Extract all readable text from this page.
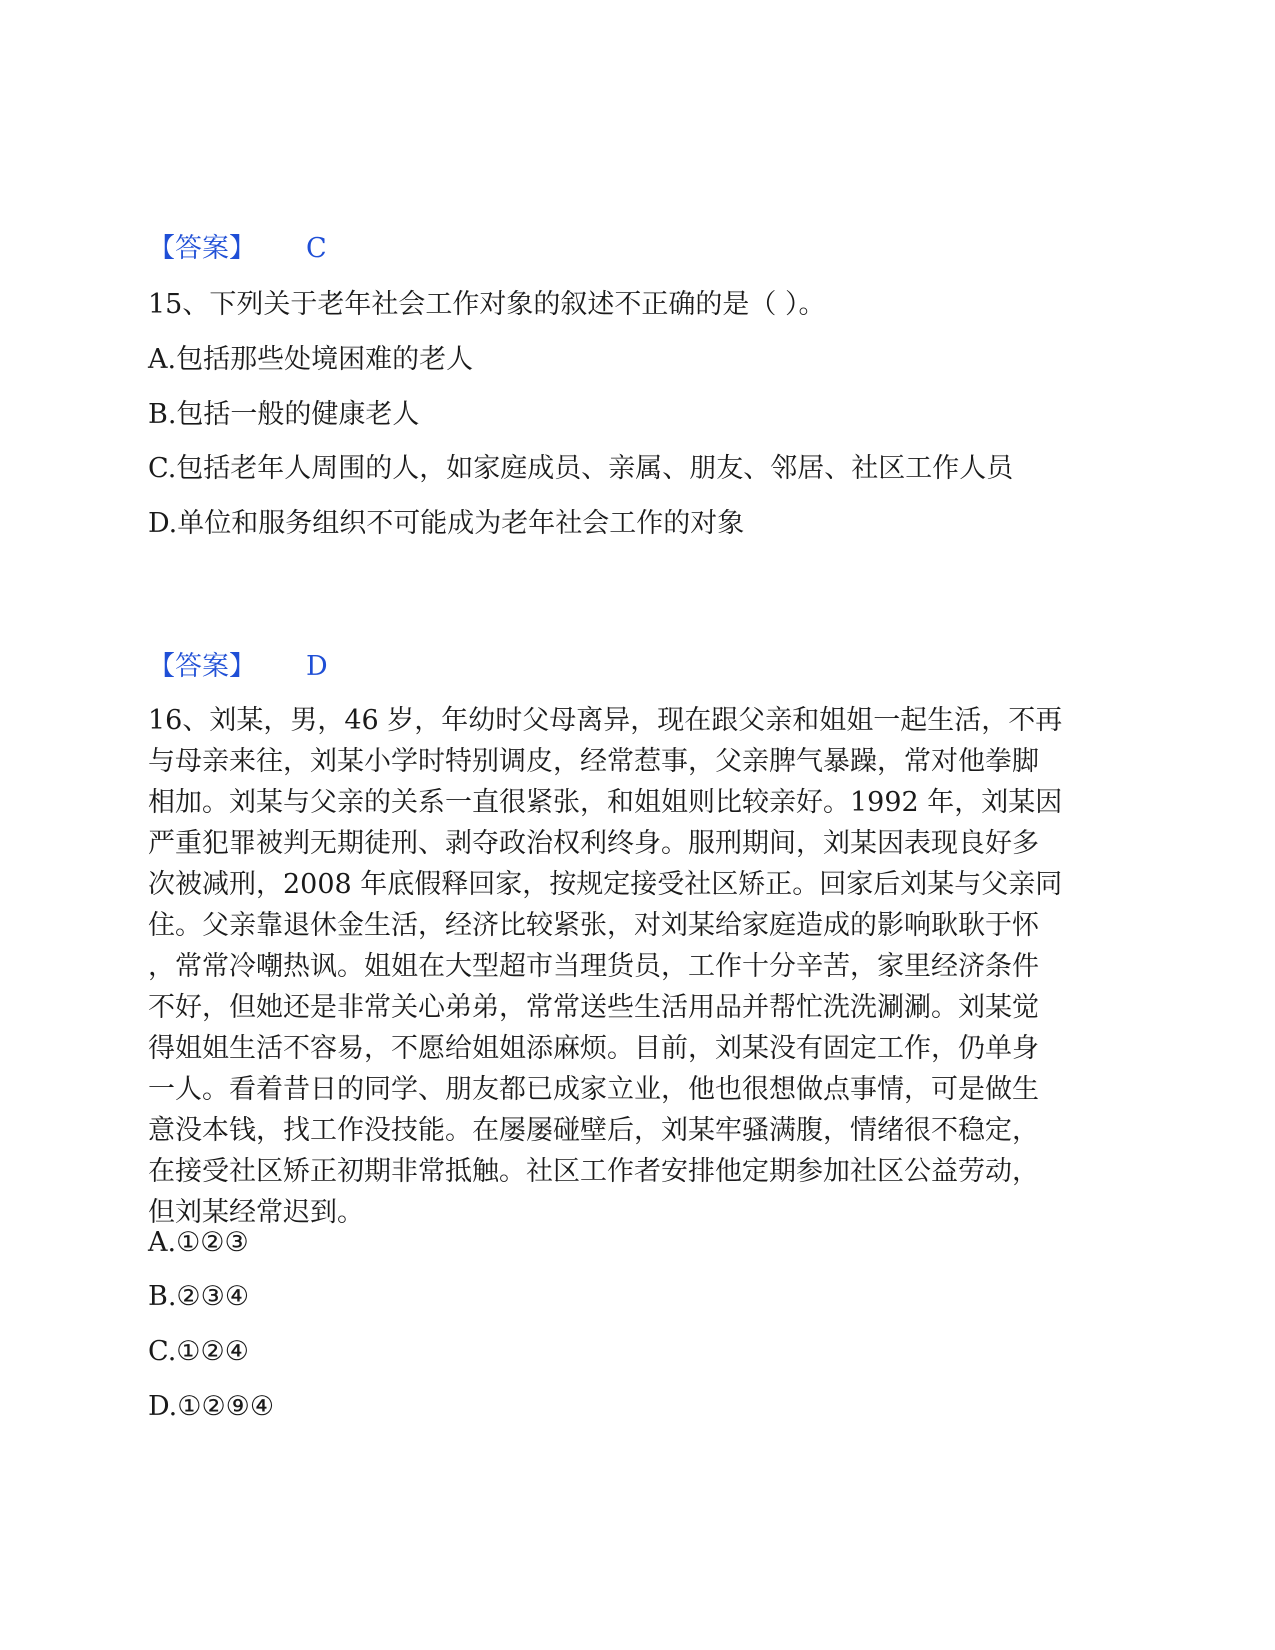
【答案】 C
15、下列关于老年社会工作对象的叙述不正确的是（ ）。
A.包括那些处境困难的老人
B.包括一般的健康老人
C.包括老年人周围的人，如家庭成员、亲属、朋友、邻居、社区工作人员
D.单位和服务组织不可能成为老年社会工作的对象
【答案】 D
16、刘某，男，46 岁，年幼时父母离异，现在跟父亲和姐姐一起生活，不再
与母亲来往，刘某小学时特别调皮，经常惹事，父亲脾气暴躁，常对他拳脚
相加。刘某与父亲的关系一直很紧张，和姐姐则比较亲好。1992 年，刘某因
严重犯罪被判无期徒刑、剥夺政治权利终身。服刑期间，刘某因表现良好多
次被减刑，2008 年底假释回家，按规定接受社区矫正。回家后刘某与父亲同
住。父亲靠退休金生活，经济比较紧张，对刘某给家庭造成的影响耿耿于怀
，常常冷嘲热讽。姐姐在大型超市当理货员，工作十分辛苦，家里经济条件
不好，但她还是非常关心弟弟，常常送些生活用品并帮忙洗洗涮涮。刘某觉
得姐姐生活不容易，不愿给姐姐添麻烦。目前，刘某没有固定工作，仍单身
一人。看着昔日的同学、朋友都已成家立业，他也很想做点事情，可是做生
意没本钱，找工作没技能。在屡屡碰壁后，刘某牢骚满腹，情绪很不稳定，
在接受社区矫正初期非常抵触。社区工作者安排他定期参加社区公益劳动，
但刘某经常迟到。
A.①②③
B.②③④
C.①②④
D.①②⑨④
